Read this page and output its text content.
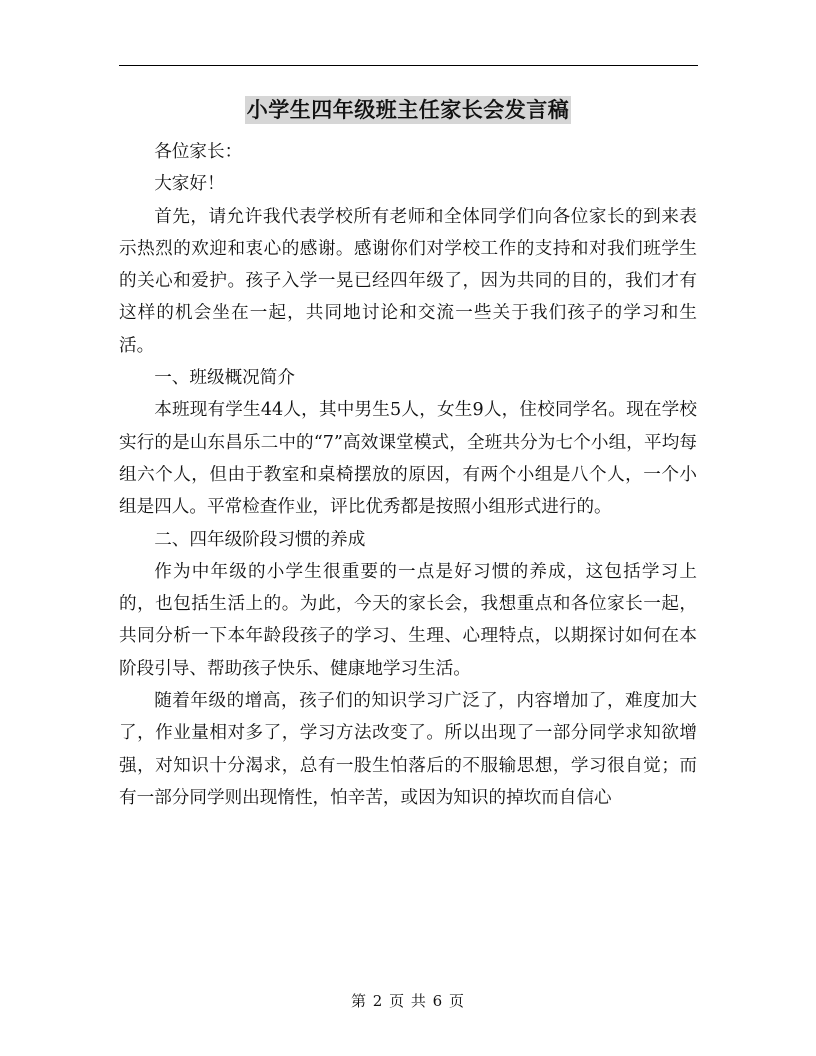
小学生四年级班主任家长会发言稿

各位家长：

大家好！

首先，请允许我代表学校所有老师和全体同学们向各位家长的到来表示热烈的欢迎和衷心的感谢。感谢你们对学校工作的支持和对我们班学生的关心和爱护。孩子入学一晃已经四年级了，因为共同的目的，我们才有这样的机会坐在一起，共同地讨论和交流一些关于我们孩子的学习和生活。

一、班级概况简介

本班现有学生44人，其中男生5人，女生9人，住校同学名。现在学校实行的是山东昌乐二中的“7”高效课堂模式，全班共分为七个小组，平均每组六个人，但由于教室和桌椅摆放的原因，有两个小组是八个人，一个小组是四人。平常检查作业，评比优秀都是按照小组形式进行的。

二、四年级阶段习惯的养成

作为中年级的小学生很重要的一点是好习惯的养成，这包括学习上的，也包括生活上的。为此，今天的家长会，我想重点和各位家长一起，共同分析一下本年龄段孩子的学习、生理、心理特点，以期探讨如何在本阶段引导、帮助孩子快乐、健康地学习生活。

随着年级的增高，孩子们的知识学习广泛了，内容增加了，难度加大了，作业量相对多了，学习方法改变了。所以出现了一部分同学求知欲增强，对知识十分渴求，总有一股生怕落后的不服输思想，学习很自觉；而有一部分同学则出现惰性，怕辛苦，或因为知识的掉坎而自信心

第 2 页 共 6 页
